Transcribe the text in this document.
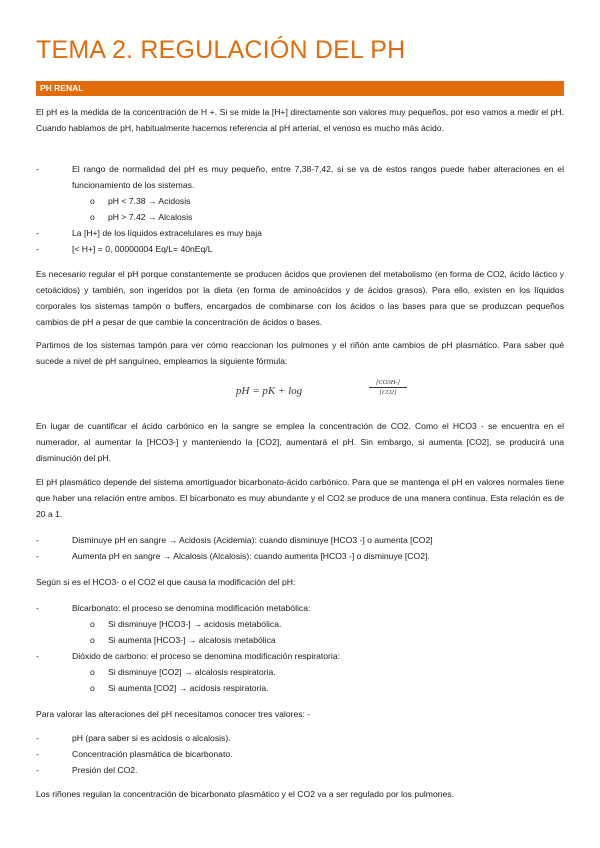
TEMA 2. REGULACIÓN DEL PH
PH RENAL

El pH es la medida de la concentración de H +. Si se mide la [H+] directamente son valores muy pequeños, por eso vamos a medir el pH. Cuando hablamos de pH, habitualmente hacemos referencia al pH arterial, el venoso es mucho más ácido.

-	El rango de normalidad del pH es muy pequeño, entre 7,38-7,42, si se va de estos rangos puede haber alteraciones en el funcionamiento de los sistemas.
o pH < 7.38 → Acidosis
o pH > 7.42 → Alcalosis
-	La [H+] de los líquidos extracelulares es muy baja
-	[< H+] = 0, 00000004 Eq/L= 40nEq/L

Es necesario regular el pH porque constantemente se producen ácidos que provienen del metabolismo (en forma de CO2, ácido láctico y cetoácidos) y también, son ingeridos por la dieta (en forma de aminoácidos y de ácidos grasos). Para ello, existen en los líquidos corporales los sistemas tampón o buffers, encargados de combinarse con los ácidos o las bases para que se produzcan pequeños cambios de pH a pesar de que cambie la concentración de ácidos o bases.

Partimos de los sistemas tampón para ver cómo reaccionan los pulmones y el riñón ante cambios de pH plasmático. Para saber qué sucede a nivel de pH sanguíneo, empleamos la siguiente fórmula:

pH = pK + log	$\frac{[CO3H-]}{[CO2]}$

En lugar de cuantificar el ácido carbónico en la sangre se emplea la concentración de CO2. Como el HCO3 - se encuentra en el numerador, al aumentar la [HCO3-] y manteniendo la [CO2], aumentará el pH. Sin embargo, si aumenta [CO2], se producirá una disminución del pH.

El pH plasmático depende del sistema amortiguador bicarbonato-ácido carbónico. Para que se mantenga el pH en valores normales tiene que haber una relación entre ambos. El bicarbonato es muy abundante y el CO2 se produce de una manera continua. Esta relación es de 20 a 1.

-	Disminuye pH en sangre → Acidosis (Acidemia): cuando disminuye [HCO3 -] o aumenta [CO2]
-	Aumenta pH en sangre → Alcalosis (Alcalosis): cuando aumenta [HCO3 -] o disminuye [CO2].

Según si es el HCO3- o el CO2 el que causa la modificación del pH:

-	Bicarbonato: el proceso se denomina modificación metabólica:
o Si disminuye [HCO3-] → acidosis metabólica.
o Si aumenta [HCO3-] → alcalosis metabólica
-	Dióxido de carbono: el proceso se denomina modificación respiratoria:
o Si disminuye [CO2] → alcalosis respiratoria.
o Si aumenta [CO2] → acidosis respiratoria.

Para valorar las alteraciones del pH necesitamos conocer tres valores: -

-	pH (para saber si es acidosis o alcalosis).
-	Concentración plasmática de bicarbonato.
-	Presión del CO2.

Los riñones regulan la concentración de bicarbonato plasmático y el CO2 va a ser regulado por los pulmones.
